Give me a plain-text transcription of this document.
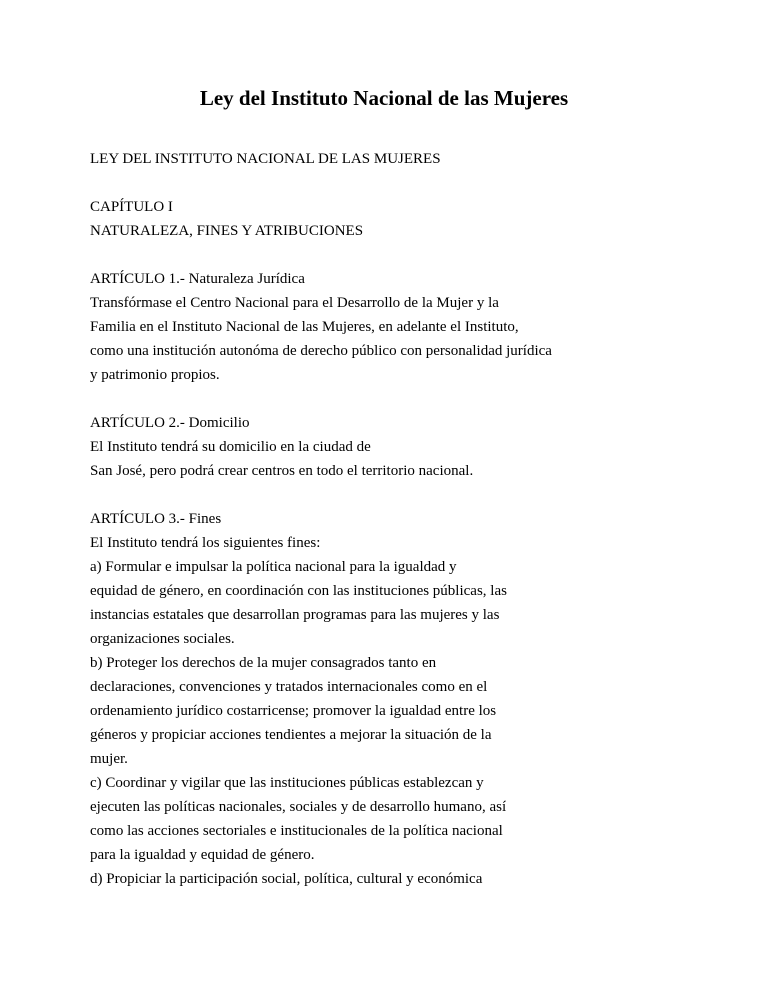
Ley del Instituto Nacional de las Mujeres
LEY DEL INSTITUTO NACIONAL DE LAS MUJERES
CAPÍTULO I
NATURALEZA, FINES Y ATRIBUCIONES
ARTÍCULO 1.- Naturaleza Jurídica
Transfórmase el Centro Nacional para el Desarrollo de la Mujer y la
Familia en el Instituto Nacional de las Mujeres, en adelante el Instituto,
como una institución autonóma de derecho público con personalidad jurídica
y patrimonio propios.
ARTÍCULO 2.- Domicilio
El Instituto tendrá su domicilio en la ciudad de
San José, pero podrá crear centros en todo el territorio nacional.
ARTÍCULO 3.- Fines
El Instituto tendrá los siguientes fines:
a) Formular e impulsar la política nacional para la igualdad y
equidad de género, en coordinación con las instituciones públicas, las
instancias estatales que desarrollan programas para las mujeres y las
organizaciones sociales.
b) Proteger los derechos de la mujer consagrados tanto en
declaraciones, convenciones y tratados internacionales como en el
ordenamiento jurídico costarricense; promover la igualdad entre los
géneros y propiciar acciones tendientes a mejorar la situación de la
mujer.
c) Coordinar y vigilar que las instituciones públicas establezcan y
ejecuten las políticas nacionales, sociales y de desarrollo humano, así
como las acciones sectoriales e institucionales de la política nacional
para la igualdad y equidad de género.
d) Propiciar la participación social, política, cultural y económica
